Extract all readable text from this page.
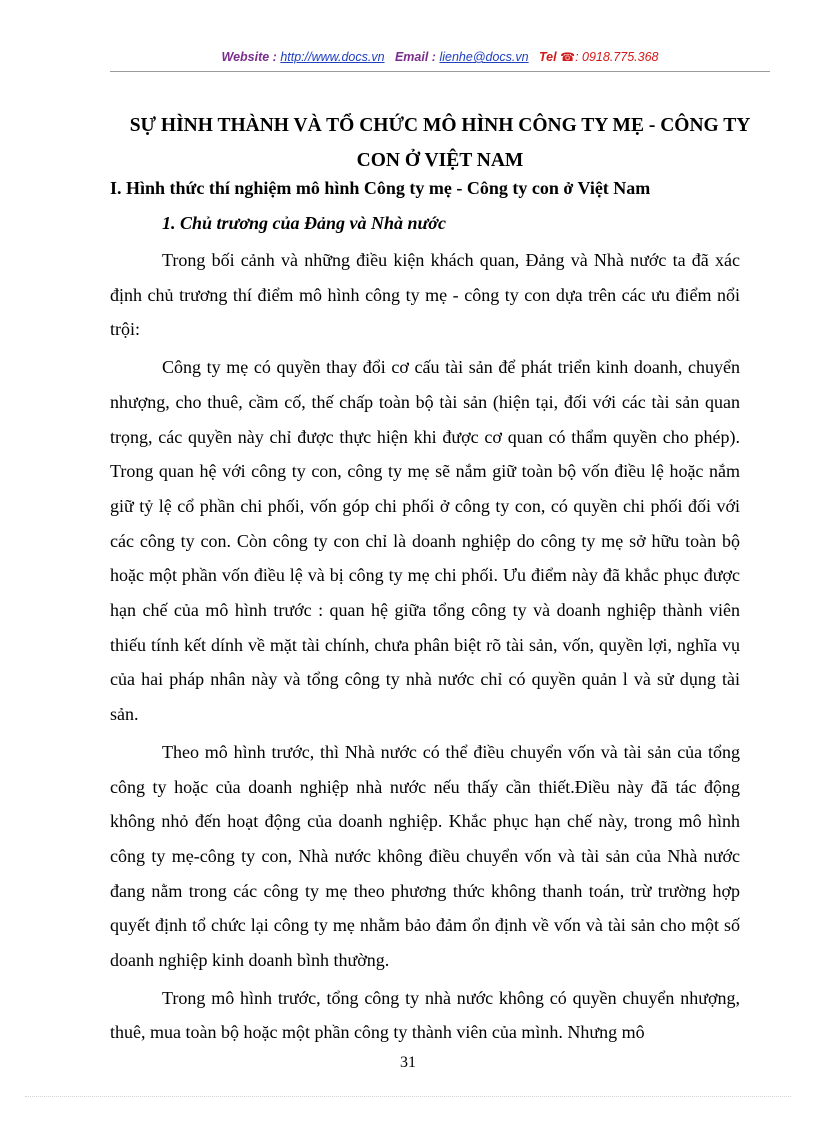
Website : http://www.docs.vn Email : lienhe@docs.vn Tel ☎: 0918.775.368
SỰ HÌNH THÀNH VÀ TỔ CHỨC MÔ HÌNH CÔNG TY MẸ - CÔNG TY CON Ở VIỆT NAM
I. Hình thức thí nghiệm mô hình Công ty mẹ - Công ty con ở Việt Nam
1. Chủ trương của Đảng và Nhà nước

Trong bối cảnh và những điều kiện khách quan, Đảng và Nhà nước ta đã xác định chủ trương thí điểm mô hình công ty mẹ - công ty con dựa trên các ưu điểm nổi trội:

Công ty mẹ có quyền thay đổi cơ cấu tài sản để phát triển kinh doanh, chuyển nhượng, cho thuê, cầm cố, thế chấp toàn bộ tài sản (hiện tại, đối với các tài sản quan trọng, các quyền này chỉ được thực hiện khi được cơ quan có thẩm quyền cho phép). Trong quan hệ với công ty con, công ty mẹ sẽ nắm giữ toàn bộ vốn điều lệ hoặc nắm giữ tỷ lệ cổ phần chi phối, vốn góp chi phối ở công ty con, có quyền chi phối đối với các công ty con. Còn công ty con chỉ là doanh nghiệp do công ty mẹ sở hữu toàn bộ hoặc một phần vốn điều lệ và bị công ty mẹ chi phối. Ưu điểm này đã khắc phục được hạn chế của mô hình trước : quan hệ giữa tổng công ty và doanh nghiệp thành viên thiếu tính kết dính về mặt tài chính, chưa phân biệt rõ tài sản, vốn, quyền lợi, nghĩa vụ của hai pháp nhân này và tổng công ty nhà nước chỉ có quyền quản l và sử dụng tài sản.

Theo mô hình trước, thì Nhà nước có thể điều chuyển vốn và tài sản của tổng công ty hoặc của doanh nghiệp nhà nước nếu thấy cần thiết.Điều này đã tác động không nhỏ đến hoạt động của doanh nghiệp. Khắc phục hạn chế này, trong mô hình công ty mẹ-công ty con, Nhà nước không điều chuyển vốn và tài sản của Nhà nước đang nằm trong các công ty mẹ theo phương thức không thanh toán, trừ trường hợp quyết định tổ chức lại công ty mẹ nhằm bảo đảm ổn định về vốn và tài sản cho một số doanh nghiệp kinh doanh bình thường.

Trong mô hình trước, tổng công ty nhà nước không có quyền chuyển nhượng, thuê, mua toàn bộ hoặc một phần công ty thành viên của mình. Nhưng mô

31
